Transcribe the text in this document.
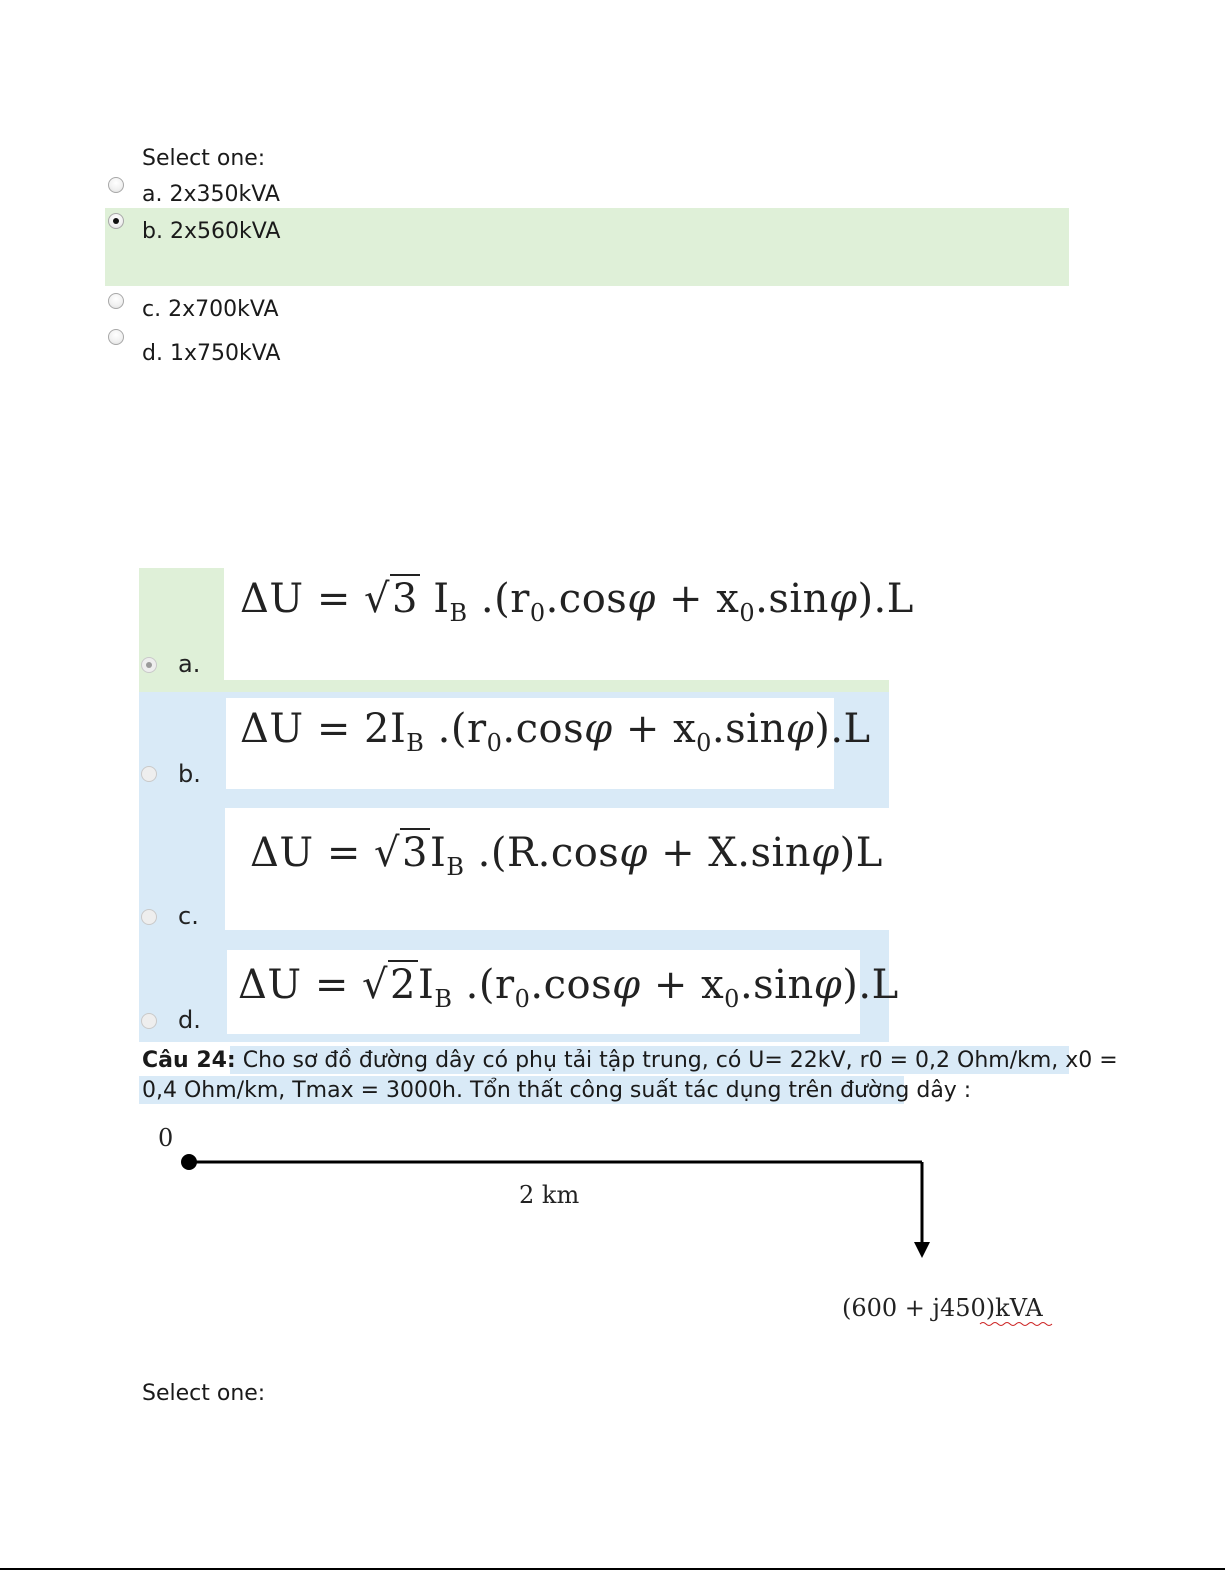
Select one:
a. 2x350kVA
b. 2x560kVA
c. 2x700kVA
d. 1x750kVA
a.
ΔU = √3 $I_B$ $.(r_0.\cos\varphi + x_0.\sin\varphi).L$
b.
$\Delta U = 2I_B$ $.(r_0.\cos\varphi + x_0.\sin\varphi).L$
c.
$\Delta U = √3I_B$ .(R.cosφ + X.sinφ)L
d.
$\Delta U = √2I_B$ $.(r_0.\cos\varphi + x_0.\sin\varphi).L$
Câu 24: Cho sơ đồ đường dây có phụ tải tập trung, có U= 22kV, r0 = 0,2 Ohm/km, x0 =
0,4 Ohm/km, Tmax = 3000h. Tổn thất công suất tác dụng trên đường dây :
0
2 km
(600 + j450)kVA
Select one:
